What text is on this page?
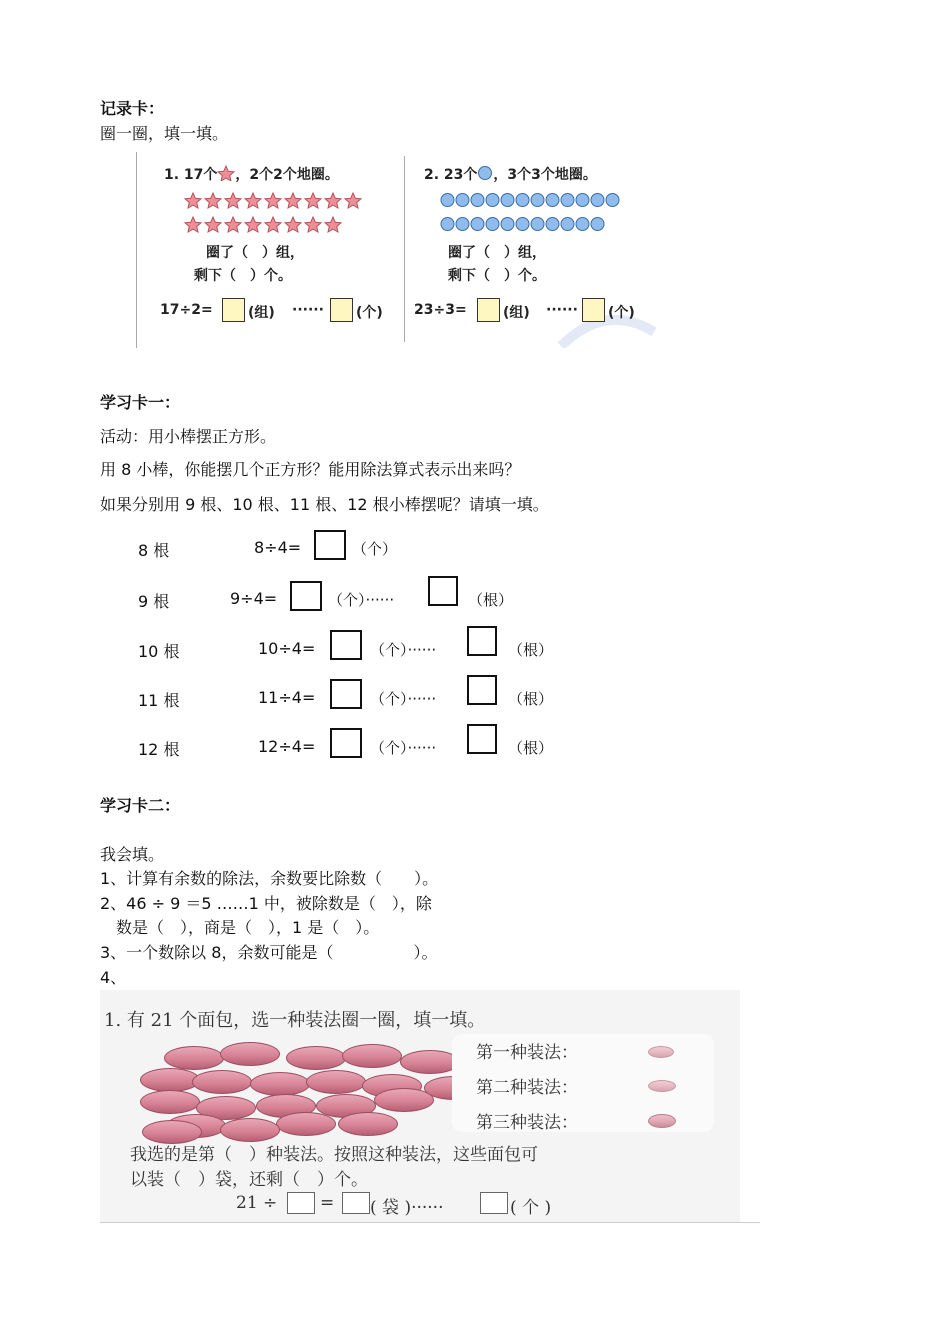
记录卡：
圈一圈，填一填。
1. 17个 ，2个2个地圈。
圈了（　）组，
剩下（　）个。
17÷2=	(组) ······ (个)
2. 23个 ，3个3个地圈。
圈了（　）组，
剩下（　）个。
23÷3=	(组) ······ (个)
学习卡一：
活动：用小棒摆正方形。
用 8 小棒，你能摆几个正方形？能用除法算式表示出来吗？
如果分别用 9 根、10 根、11 根、12 根小棒摆呢？请填一填。
8 根	8÷4=	（个）
9 根	9÷4=	（个）······	（根）
10 根	10÷4=	（个）······	（根）
11 根	11÷4=	（个）······	（根）
12 根	12÷4=	（个）······	（根）
学习卡二：
我会填。
1、计算有余数的除法，余数要比除数（　　）。
2、46 ÷ 9 ＝5 ……1 中，被除数是（　），除
　数是（　），商是（　），1 是（　）。
3、一个数除以 8，余数可能是（　　　　　）。
4、
1. 有 21 个面包，选一种装法圈一圈，填一填。
第一种装法：
第二种装法：
第三种装法：
我选的是第（　）种装法。按照这种装法，这些面包可
以装（　）袋，还剩（　）个。
21 ÷	= ( 袋 )······	( 个 )
